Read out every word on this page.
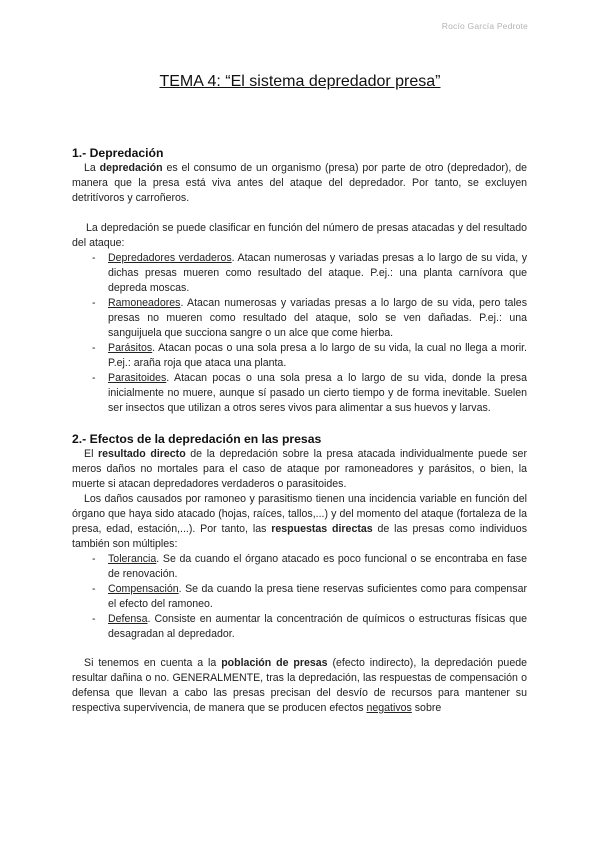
Rocío García Pedrote
TEMA 4: “El sistema depredador presa”

1.- Depredación

La depredación es el consumo de un organismo (presa) por parte de otro (depredador), de manera que la presa está viva antes del ataque del depredador. Por tanto, se excluyen detritívoros y carroñeros.

La depredación se puede clasificar en función del número de presas atacadas y del resultado del ataque:

- Depredadores verdaderos. Atacan numerosas y variadas presas a lo largo de su vida, y dichas presas mueren como resultado del ataque. P.ej.: una planta carnívora que depreda moscas.
- Ramoneadores. Atacan numerosas y variadas presas a lo largo de su vida, pero tales presas no mueren como resultado del ataque, solo se ven dañadas. P.ej.: una sanguijuela que succiona sangre o un alce que come hierba.
- Parásitos. Atacan pocas o una sola presa a lo largo de su vida, la cual no llega a morir. P.ej.: araña roja que ataca una planta.
- Parasitoides. Atacan pocas o una sola presa a lo largo de su vida, donde la presa inicialmente no muere, aunque sí pasado un cierto tiempo y de forma inevitable. Suelen ser insectos que utilizan a otros seres vivos para alimentar a sus huevos y larvas.

2.- Efectos de la depredación en las presas

El resultado directo de la depredación sobre la presa atacada individualmente puede ser meros daños no mortales para el caso de ataque por ramoneadores y parásitos, o bien, la muerte si atacan depredadores verdaderos o parasitoides.

Los daños causados por ramoneo y parasitismo tienen una incidencia variable en función del órgano que haya sido atacado (hojas, raíces, tallos,...) y del momento del ataque (fortaleza de la presa, edad, estación,...). Por tanto, las respuestas directas de las presas como individuos también son múltiples:

- Tolerancia. Se da cuando el órgano atacado es poco funcional o se encontraba en fase de renovación.
- Compensación. Se da cuando la presa tiene reservas suficientes como para compensar el efecto del ramoneo.
- Defensa. Consiste en aumentar la concentración de químicos o estructuras físicas que desagradan al depredador.

Si tenemos en cuenta a la población de presas (efecto indirecto), la depredación puede resultar dañina o no. GENERALMENTE, tras la depredación, las respuestas de compensación o defensa que llevan a cabo las presas precisan del desvío de recursos para mantener su respectiva supervivencia, de manera que se producen efectos negativos sobre
